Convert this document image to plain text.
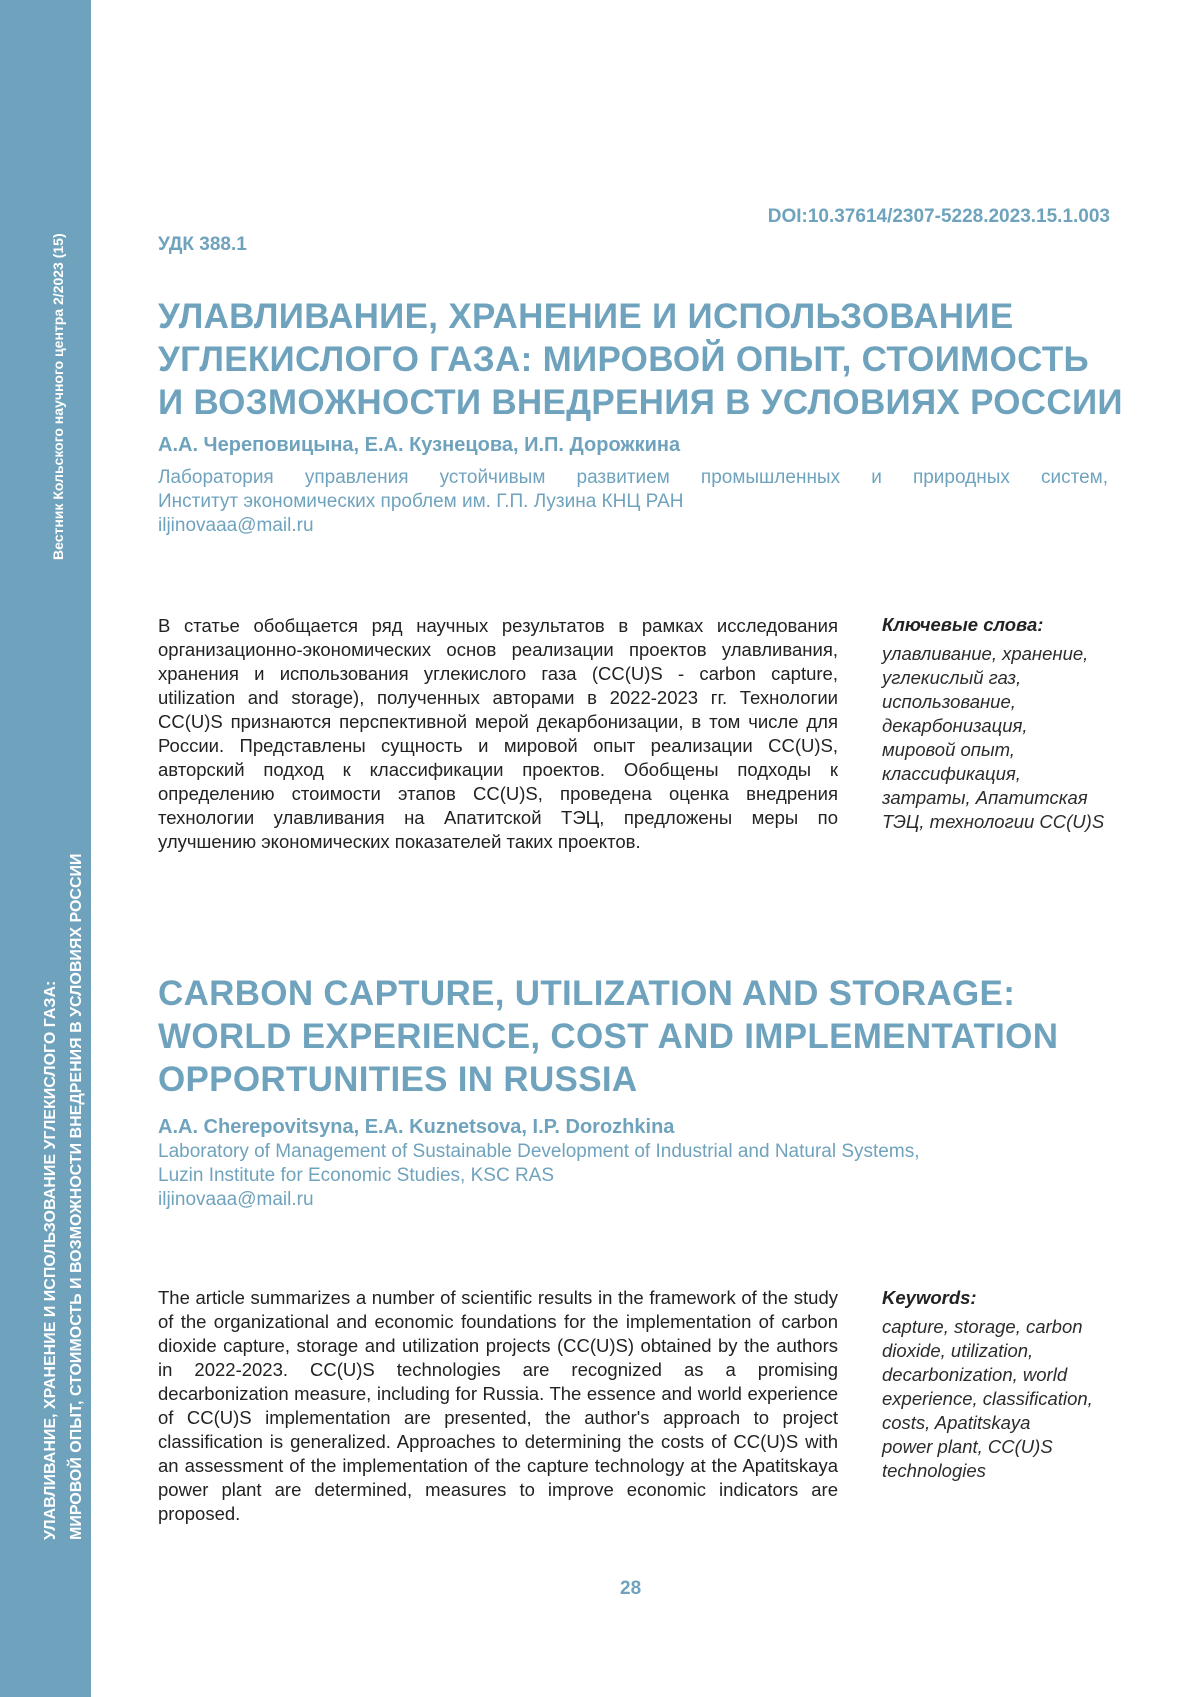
Вестник Кольского научного центра 2/2023 (15)
УЛАВЛИВАНИЕ, ХРАНЕНИЕ И ИСПОЛЬЗОВАНИЕ УГЛЕКИСЛОГО ГАЗА: МИРОВОЙ ОПЫТ, СТОИМОСТЬ И ВОЗМОЖНОСТИ ВНЕДРЕНИЯ В УСЛОВИЯХ РОССИИ
DOI:10.37614/2307-5228.2023.15.1.003
УДК 388.1
УЛАВЛИВАНИЕ, ХРАНЕНИЕ И ИСПОЛЬЗОВАНИЕ
УГЛЕКИСЛОГО ГАЗА: МИРОВОЙ ОПЫТ, СТОИМОСТЬ
И ВОЗМОЖНОСТИ ВНЕДРЕНИЯ В УСЛОВИЯХ РОССИИ
А.А. Череповицына, Е.А. Кузнецова, И.П. Дорожкина
Лаборатория управления устойчивым развитием промышленных и природных систем,
Институт экономических проблем им. Г.П. Лузина КНЦ РАН
iljinovaaa@mail.ru
В статье обобщается ряд научных результатов в рамках исследования организационно-экономических основ реализации проектов улавливания, хранения и использования углекислого газа (CC(U)S - carbon capture, utilization and storage), полученных авторами в 2022-2023 гг. Технологии CC(U)S признаются перспективной мерой декарбонизации, в том числе для России. Представлены сущность и мировой опыт реализации CC(U)S, авторский подход к классификации проектов. Обобщены подходы к определению стоимости этапов CC(U)S, проведена оценка внедрения технологии улавливания на Апатитской ТЭЦ, предложены меры по улучшению экономических показателей таких проектов.
Ключевые слова:
улавливание, хранение,
углекислый газ,
использование,
декарбонизация,
мировой опыт,
классификация,
затраты, Апатитская
ТЭЦ, технологии CC(U)S
CARBON CAPTURE, UTILIZATION AND STORAGE:
WORLD EXPERIENCE, COST AND IMPLEMENTATION
OPPORTUNITIES IN RUSSIA
A.A. Cherepovitsyna, E.A. Kuznetsova, I.P. Dorozhkina
Laboratory of Management of Sustainable Development of Industrial and Natural Systems,
Luzin Institute for Economic Studies, KSC RAS
iljinovaaa@mail.ru
The article summarizes a number of scientific results in the framework of the study of the organizational and economic foundations for the implementation of carbon dioxide capture, storage and utilization projects (CC(U)S) obtained by the authors in 2022-2023. CC(U)S technologies are recognized as a promising decarbonization measure, including for Russia. The essence and world experience of CC(U)S implementation are presented, the author's approach to project classification is generalized. Approaches to determining the costs of CC(U)S with an assessment of the implementation of the capture technology at the Apatitskaya power plant are determined, measures to improve economic indicators are proposed.
Keywords:
capture, storage, carbon
dioxide, utilization,
decarbonization, world
experience, classification,
costs, Apatitskaya
power plant, CC(U)S
technologies
28
